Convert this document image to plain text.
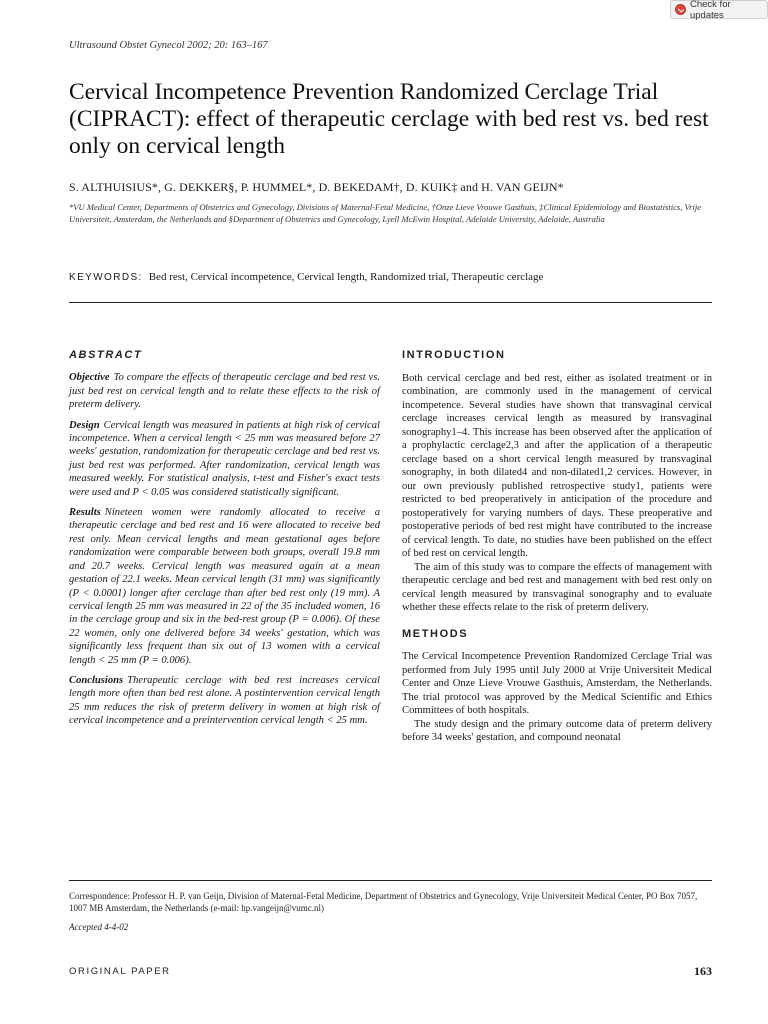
Check for updates
Ultrasound Obstet Gynecol 2002; 20: 163–167
Cervical Incompetence Prevention Randomized Cerclage Trial (CIPRACT): effect of therapeutic cerclage with bed rest vs. bed rest only on cervical length
S. ALTHUISIUS*, G. DEKKER§, P. HUMMEL*, D. BEKEDAM†, D. KUIK‡ and H. VAN GEIJN*
*VU Medical Center, Departments of Obstetrics and Gynecology, Divisions of Maternal-Fetal Medicine, †Onze Lieve Vrouwe Gasthuis, ‡Clinical Epidemiology and Biostatistics, Vrije Universiteit, Amsterdam, the Netherlands and §Department of Obstetrics and Gynecology, Lyell McEwin Hospital, Adelaide University, Adelaide, Australia
KEYWORDS: Bed rest, Cervical incompetence, Cervical length, Randomized trial, Therapeutic cerclage
ABSTRACT

Objective To compare the effects of therapeutic cerclage and bed rest vs. just bed rest on cervical length and to relate these effects to the risk of preterm delivery.

Design Cervical length was measured in patients at high risk of cervical incompetence. When a cervical length < 25 mm was measured before 27 weeks' gestation, randomization for therapeutic cerclage and bed rest vs. just bed rest was performed. After randomization, cervical length was measured weekly. For statistical analysis, t-test and Fisher's exact tests were used and P < 0.05 was considered statistically significant.

Results Nineteen women were randomly allocated to receive a therapeutic cerclage and bed rest and 16 were allocated to receive bed rest only. Mean cervical lengths and mean gestational ages before randomization were comparable between both groups, overall 19.8 mm and 20.7 weeks. Cervical length was measured again at a mean gestation of 22.1 weeks. Mean cervical length (31 mm) was significantly (P < 0.0001) longer after cerclage than after bed rest only (19 mm). A cervical length 25 mm was measured in 22 of the 35 included women, 16 in the cerclage group and six in the bed-rest group (P = 0.006). Of these 22 women, only one delivered before 34 weeks' gestation, which was significantly less frequent than six out of 13 women with a cervical length < 25 mm (P = 0.006).

Conclusions Therapeutic cerclage with bed rest increases cervical length more often than bed rest alone. A postintervention cervical length 25 mm reduces the risk of preterm delivery in women at high risk of cervical incompetence and a preintervention cervical length < 25 mm.

INTRODUCTION

Both cervical cerclage and bed rest, either as isolated treatment or in combination, are commonly used in the management of cervical incompetence. Several studies have shown that transvaginal cervical cerclage increases cervical length as measured by transvaginal sonography1–4. This increase has been observed after the application of a prophylactic cerclage2,3 and after the application of a therapeutic cerclage based on a short cervical length measured by transvaginal sonography, in both dilated4 and non-dilated1,2 cervices. However, in our own previously published retrospective study1, patients were restricted to bed preoperatively in anticipation of the procedure and postoperatively for varying numbers of days. These preoperative and postoperative periods of bed rest might have contributed to the increase of cervical length. To date, no studies have been published on the effect of bed rest on cervical length.

The aim of this study was to compare the effects of management with therapeutic cerclage and bed rest and management with bed rest only on cervical length measured by transvaginal sonography and to evaluate whether these effects relate to the risk of preterm delivery.

METHODS

The Cervical Incompetence Prevention Randomized Cerclage Trial was performed from July 1995 until July 2000 at Vrije Universiteit Medical Center and Onze Lieve Vrouwe Gasthuis, Amsterdam, the Netherlands. The trial protocol was approved by the Medical Scientific and Ethics Committees of both hospitals.

The study design and the primary outcome data of preterm delivery before 34 weeks' gestation, and compound neonatal

Correspondence: Professor H. P. van Geijn, Division of Maternal-Fetal Medicine, Department of Obstetrics and Gynecology, Vrije Universiteit Medical Center, PO Box 7057, 1007 MB Amsterdam, the Netherlands (e-mail: hp.vangeijn@vumc.nl)
Accepted 4-4-02
ORIGINAL PAPER	163
